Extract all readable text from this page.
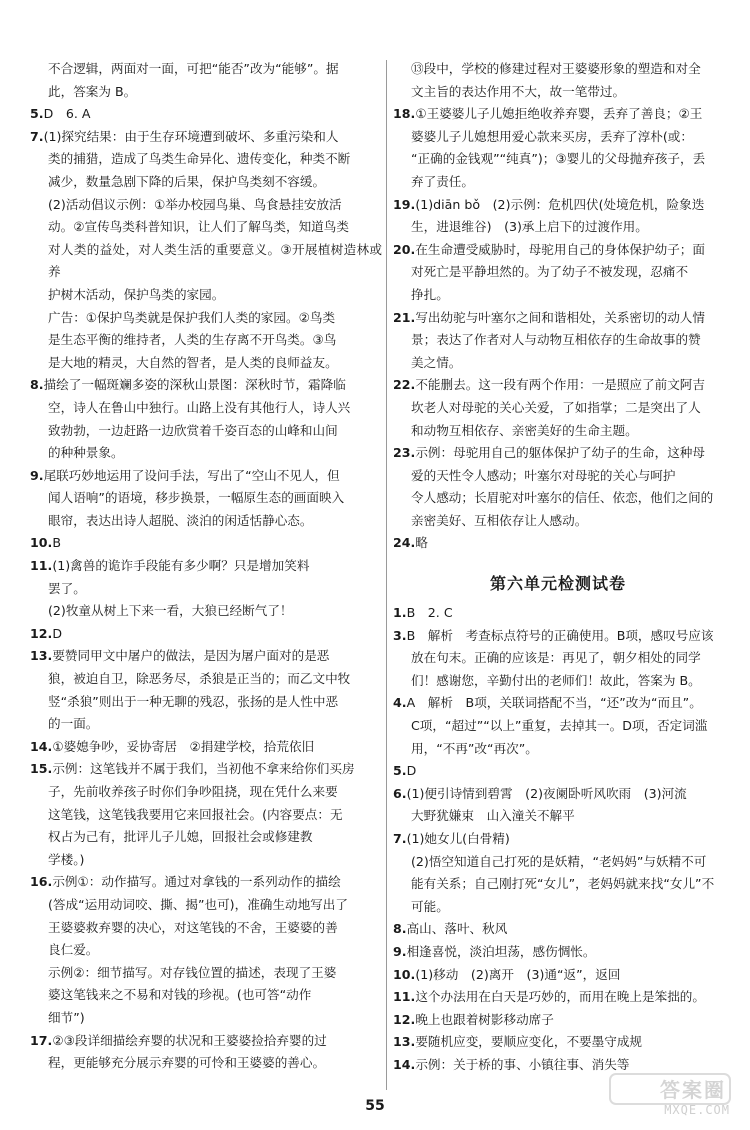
不合逻辑，两面对一面，可把“能否”改为“能够”。据

此，答案为 B。

5.D　6. A

7.(1)探究结果：由于生存环境遭到破坏、多重污染和人

类的捕猎，造成了鸟类生命异化、遗传变化，种类不断

减少，数量急剧下降的后果，保护鸟类刻不容缓。

(2)活动倡议示例：①举办校园鸟巢、鸟食悬挂安放活

动。②宣传鸟类科普知识，让人们了解鸟类，知道鸟类

对人类的益处，对人类生活的重要意义。③开展植树造林或养

护树木活动，保护鸟类的家园。

广告：①保护鸟类就是保护我们人类的家园。②鸟类

是生态平衡的维持者，人类的生存离不开鸟类。③鸟

是大地的精灵，大自然的智者，是人类的良师益友。

8.描绘了一幅斑斓多姿的深秋山景图：深秋时节，霜降临

空，诗人在鲁山中独行。山路上没有其他行人，诗人兴

致勃勃，一边赶路一边欣赏着千姿百态的山峰和山间

的种种景象。

9.尾联巧妙地运用了设问手法，写出了“空山不见人，但

闻人语响”的语境，移步换景，一幅原生态的画面映入

眼帘，表达出诗人超脱、淡泊的闲适恬静心态。

10.B

11.(1)禽兽的诡诈手段能有多少啊？只是增加笑料

罢了。

(2)牧童从树上下来一看，大狼已经断气了！

12.D

13.要赞同甲文中屠户的做法，是因为屠户面对的是恶

狼，被迫自卫，除恶务尽，杀狼是正当的；而乙文中牧

竖“杀狼”则出于一种无聊的残忍，张扬的是人性中恶

的一面。

14.①婆媳争吵，妥协寄居　②捐建学校，拾荒依旧

15.示例：这笔钱并不属于我们，当初他不拿来给你们买房

子，先前收养孩子时你们争吵阻挠，现在凭什么来要

这笔钱，这笔钱我要用它来回报社会。(内容要点：无

权占为己有，批评儿子儿媳，回报社会或修建教

学楼。)

16.示例①：动作描写。通过对拿钱的一系列动作的描绘

(答成“运用动词咬、撕、揭”也可)，准确生动地写出了

王婆婆救弃婴的决心，对这笔钱的不舍，王婆婆的善

良仁爱。

示例②：细节描写。对存钱位置的描述，表现了王婆

婆这笔钱来之不易和对钱的珍视。(也可答“动作

细节”)

17.②③段详细描绘弃婴的状况和王婆婆捡拾弃婴的过

程，更能够充分展示弃婴的可怜和王婆婆的善心。

⑬段中，学校的修建过程对王婆婆形象的塑造和对全

文主旨的表达作用不大，故一笔带过。

18.①王婆婆儿子儿媳拒绝收养弃婴，丢弃了善良；②王

婆婆儿子儿媳想用爱心款来买房，丢弃了淳朴(或：

“正确的金钱观”“纯真”)；③婴儿的父母抛弃孩子，丢

弃了责任。

19.(1)diān bǒ　(2)示例：危机四伏(处境危机，险象迭

生，进退维谷)　(3)承上启下的过渡作用。

20.在生命遭受威胁时，母驼用自己的身体保护幼子；面

对死亡是平静坦然的。为了幼子不被发现，忍痛不

挣扎。

21.写出幼驼与叶塞尔之间和谐相处，关系密切的动人情

景；表达了作者对人与动物互相依存的生命故事的赞

美之情。

22.不能删去。这一段有两个作用：一是照应了前文阿吉

坎老人对母驼的关心关爱，了如指掌；二是突出了人

和动物互相依存、亲密美好的生命主题。

23.示例：母驼用自己的躯体保护了幼子的生命，这种母

爱的天性令人感动；叶塞尔对母驼的关心与呵护

令人感动；长眉驼对叶塞尔的信任、依恋，他们之间的

亲密美好、互相依存让人感动。

24.略

第六单元检测试卷

1.B　2. C

3.B　解析　考查标点符号的正确使用。B项，感叹号应该

放在句末。正确的应该是：再见了，朝夕相处的同学

们！感谢您，辛勤付出的老师们！故此，答案为 B。

4.A　解析　B项，关联词搭配不当，“还”改为“而且”。

C项，“超过”“以上”重复，去掉其一。D项，否定词滥

用，“不再”改“再次”。

5.D

6.(1)便引诗情到碧霄　(2)夜阑卧听风吹雨　(3)河流

大野犹嫌束　山入潼关不解平

7.(1)她女儿(白骨精)

(2)悟空知道自己打死的是妖精，“老妈妈”与妖精不可

能有关系；自己刚打死“女儿”，老妈妈就来找“女儿”不

可能。

8.高山、落叶、秋风

9.相逢喜悦，淡泊坦荡，感伤惆怅。

10.(1)移动　(2)离开　(3)通“返”，返回

11.这个办法用在白天是巧妙的，而用在晚上是笨拙的。

12.晚上也跟着树影移动席子

13.要随机应变，要顺应变化，不要墨守成规

14.示例：关于桥的事、小镇往事、消失等

55
答案圈
MXQE.COM
